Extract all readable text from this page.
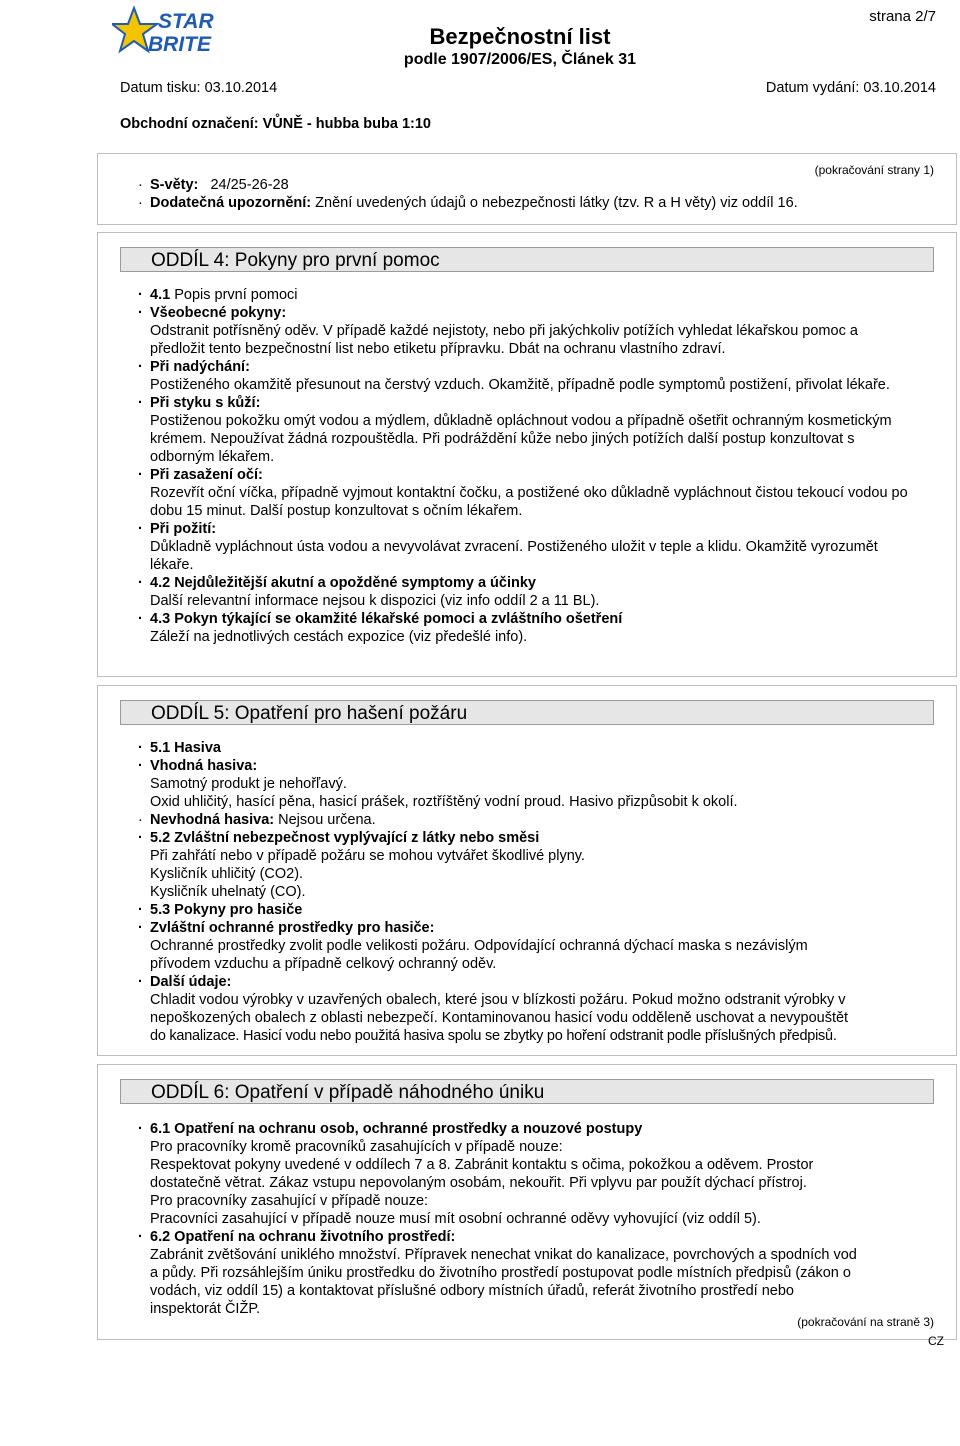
STAR
BRITE
strana 2/7
Bezpečnostní list
podle 1907/2006/ES, Článek 31
Datum tisku: 03.10.2014	Datum vydání: 03.10.2014
Obchodní označení: VŮNĚ - hubba buba 1:10
(pokračování strany 1)
· S-věty: 24/25-26-28
· Dodatečná upozornění: Znění uvedených údajů o nebezpečnosti látky (tzv. R a H věty) viz oddíl 16.
ODDÍL 4: Pokyny pro první pomoc
· 4.1 Popis první pomoci
· Všeobecné pokyny:
Odstranit potřísněný oděv. V případě každé nejistoty, nebo při jakýchkoliv potížích vyhledat lékařskou pomoc a
předložit tento bezpečnostní list nebo etiketu přípravku. Dbát na ochranu vlastního zdraví.
· Při nadýchání:
Postiženého okamžitě přesunout na čerstvý vzduch. Okamžitě, případně podle symptomů postižení, přivolat lékaře.
· Při styku s kůží:
Postiženou pokožku omýt vodou a mýdlem, důkladně opláchnout vodou a případně ošetřit ochranným kosmetickým krémem. Nepoužívat žádná rozpouštědla. Při podráždění kůže nebo jiných potížích další postup konzultovat s odborným lékařem.
· Při zasažení očí:
Rozevřít oční víčka, případně vyjmout kontaktní čočku, a postižené oko důkladně vypláchnout čistou tekoucí vodou po dobu 15 minut. Další postup konzultovat s očním lékařem.
· Při požití:
Důkladně vypláchnout ústa vodou a nevyvolávat zvracení. Postiženého uložit v teple a klidu. Okamžitě vyrozumět lékaře.
· 4.2 Nejdůležitější akutní a opožděné symptomy a účinky
Další relevantní informace nejsou k dispozici (viz info oddíl 2 a 11 BL).
· 4.3 Pokyn týkající se okamžité lékařské pomoci a zvláštního ošetření
Záleží na jednotlivých cestách expozice (viz předešlé info).
ODDÍL 5: Opatření pro hašení požáru
· 5.1 Hasiva
· Vhodná hasiva:
Samotný produkt je nehořľavý.
Oxid uhličitý, hasící pěna, hasicí prášek, roztříštěný vodní proud. Hasivo přizpůsobit k okolí.
· Nevhodná hasiva: Nejsou určena.
· 5.2 Zvláštní nebezpečnost vyplývající z látky nebo směsi
Při zahřátí nebo v případě požáru se mohou vytvářet škodlivé plyny.
Kysličník uhličitý (CO2).
Kysličník uhelnatý (CO).
· 5.3 Pokyny pro hasiče
· Zvláštní ochranné prostředky pro hasiče:
Ochranné prostředky zvolit podle velikosti požáru. Odpovídající ochranná dýchací maska s nezávislým
přívodem vzduchu a případně celkový ochranný oděv.
· Další údaje:
Chladit vodou výrobky v uzavřených obalech, které jsou v blízkosti požáru. Pokud možno odstranit výrobky v
nepoškozených obalech z oblasti nebezpečí. Kontaminovanou hasicí vodu odděleně uschovat a nevypouštět
do kanalizace. Hasicí vodu nebo použitá hasiva spolu se zbytky po hoření odstranit podle příslušných předpisů.
ODDÍL 6: Opatření v případě náhodného úniku
· 6.1 Opatření na ochranu osob, ochranné prostředky a nouzové postupy
Pro pracovníky kromě pracovníků zasahujících v případě nouze:
Respektovat pokyny uvedené v oddílech 7 a 8. Zabránit kontaktu s očima, pokožkou a oděvem. Prostor
dostatečně větrat. Zákaz vstupu nepovolaným osobám, nekouřit. Při vplyvu par použít dýchací přístroj.
Pro pracovníky zasahující v případě nouze:
Pracovníci zasahující v případě nouze musí mít osobní ochranné oděvy vyhovující (viz oddíl 5).
· 6.2 Opatření na ochranu životního prostředí:
Zabránit zvětšování uniklého množství. Přípravek nenechat vnikat do kanalizace, povrchových a spodních vod
a půdy. Při rozsáhlejším úniku prostředku do životního prostředí postupovat podle místních předpisů (zákon o
vodách, viz oddíl 15) a kontaktovat příslušné odbory místních úřadů, referát životního prostředí nebo
inspektorát ČIŽP.
(pokračování na straně 3)
CZ
